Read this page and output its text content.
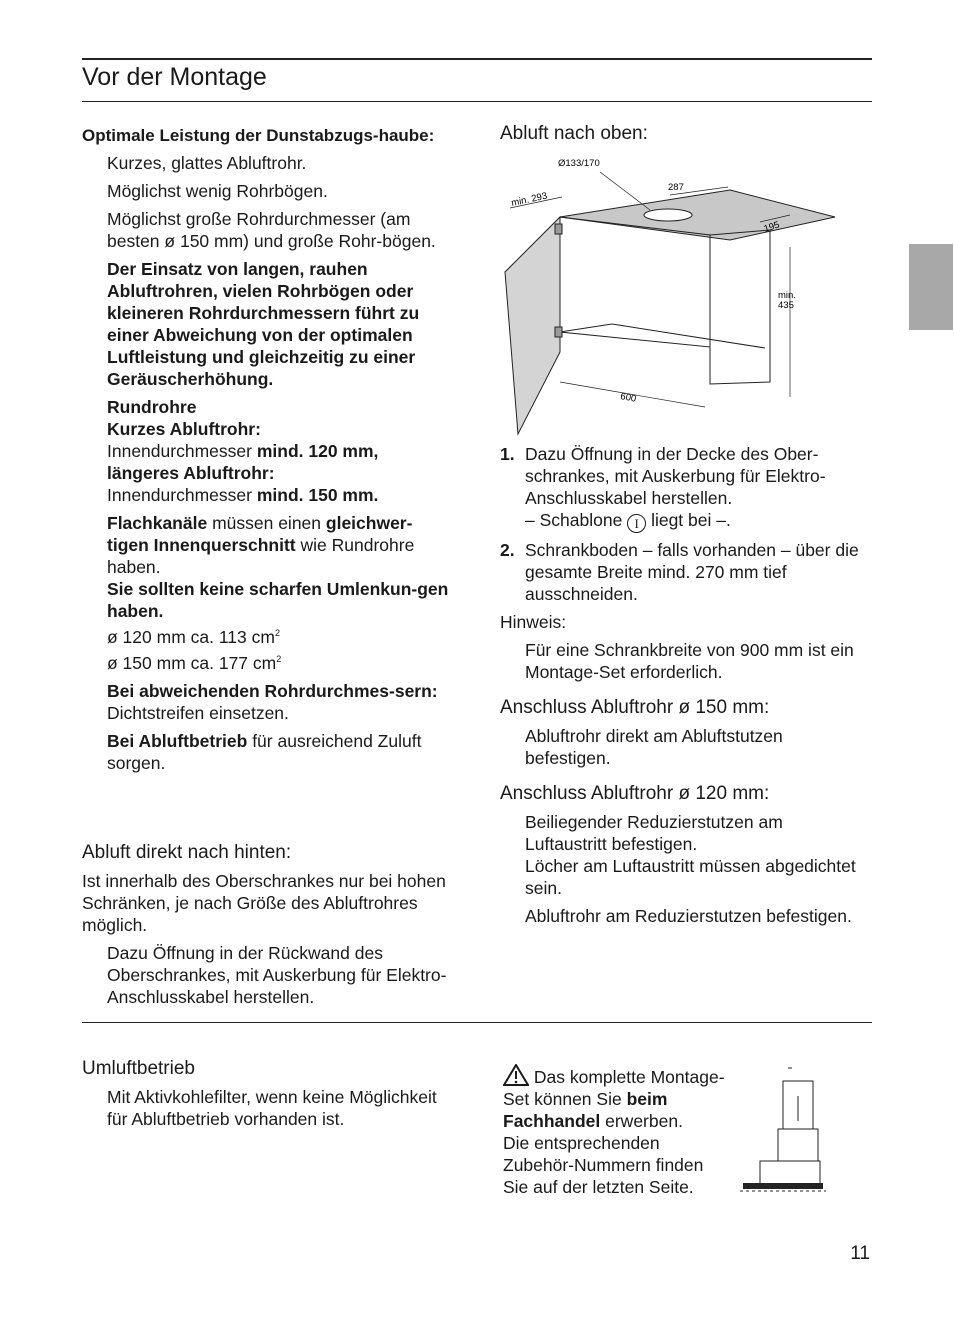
Vor der Montage

Optimale Leistung der Dunstabzugs-haube:

Kurzes, glattes Abluftrohr.

Möglichst wenig Rohrbögen.

Möglichst große Rohrdurchmesser (am besten ø 150 mm) und große Rohr-bögen.

Der Einsatz von langen, rauhen Abluftrohren, vielen Rohrbögen oder kleineren Rohrdurchmessern führt zu einer Abweichung von der optimalen Luftleistung und gleichzeitig zu einer Geräuscherhöhung.

Rundrohre
Kurzes Abluftrohr:
Innendurchmesser mind. 120 mm,
längeres Abluftrohr:
Innendurchmesser mind. 150 mm.

Flachkanäle müssen einen gleichwer-tigen Innenquerschnitt wie Rundrohre haben.

Sie sollten keine scharfen Umlenkun-gen haben.

ø 120 mm ca. 113 $cm^2$

ø 150 mm ca. 177 $cm^2$

Bei abweichenden Rohrdurchmes-sern: Dichtstreifen einsetzen.

Bei Abluftbetrieb für ausreichend Zuluft sorgen.

Abluft direkt nach hinten:

Ist innerhalb des Oberschrankes nur bei hohen Schränken, je nach Größe des Abluftrohres möglich.

Dazu Öffnung in der Rückwand des Oberschrankes, mit Auskerbung für Elektro-Anschlusskabel herstellen.

Abluft nach oben:
Ø133/170
min. 293
287
195
min.
435
600
1. Dazu Öffnung in der Decke des Ober-schrankes, mit Auskerbung für Elektro-Anschlusskabel herstellen.
– Schablone I liegt bei –.
2. Schrankboden – falls vorhanden – über die gesamte Breite mind. 270 mm tief ausschneiden.

Hinweis:

Für eine Schrankbreite von 900 mm ist ein Montage-Set erforderlich.

Anschluss Abluftrohr ø 150 mm:

Abluftrohr direkt am Abluftstutzen befestigen.

Anschluss Abluftrohr ø 120 mm:

Beiliegender Reduzierstutzen am Luftaustritt befestigen.

Löcher am Luftaustritt müssen abgedichtet sein.

Abluftrohr am Reduzierstutzen befestigen.

Umluftbetrieb

Mit Aktivkohlefilter, wenn keine Möglichkeit für Abluftbetrieb vorhanden ist.

Das komplette Montage-Set können Sie beim Fachhandel erwerben.
Die entsprechenden Zubehör-Nummern finden Sie auf der letzten Seite.

11
